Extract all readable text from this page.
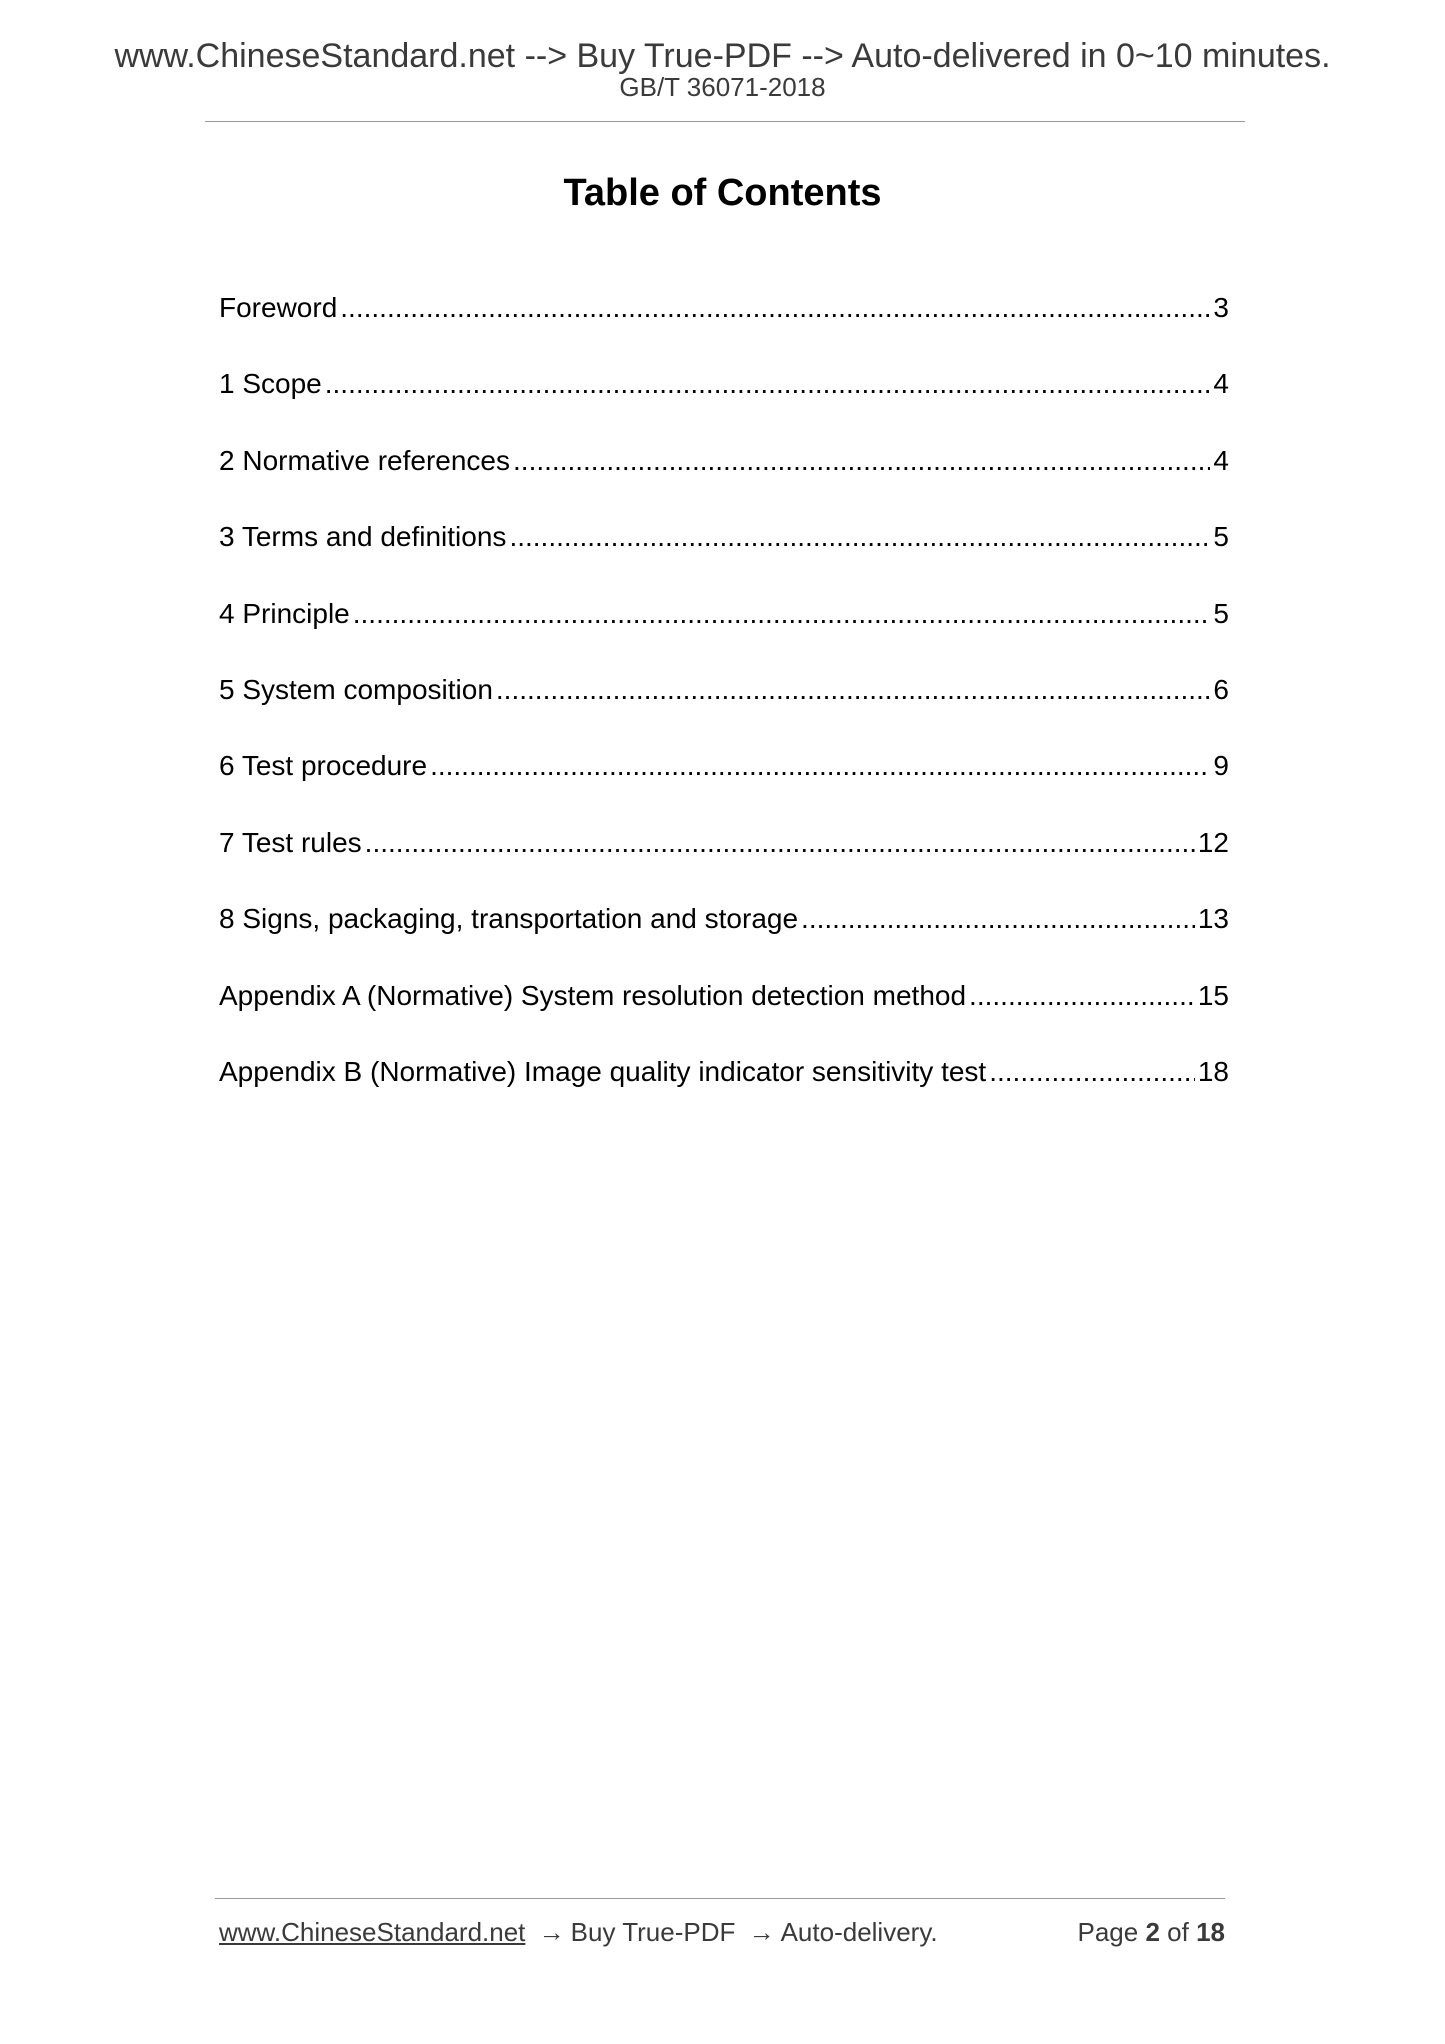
www.ChineseStandard.net --> Buy True-PDF --> Auto-delivered in 0~10 minutes.
GB/T 36071-2018
Table of Contents
Foreword .....	3
1 Scope .....	4
2 Normative references .....	4
3 Terms and definitions .....	5
4 Principle .....	5
5 System composition .....	6
6 Test procedure .....	9
7 Test rules .....	12
8 Signs, packaging, transportation and storage .....	13
Appendix A (Normative) System resolution detection method .....	15
Appendix B (Normative) Image quality indicator sensitivity test .....	18
www.ChineseStandard.net → Buy True-PDF → Auto-delivery.	Page 2 of 18
